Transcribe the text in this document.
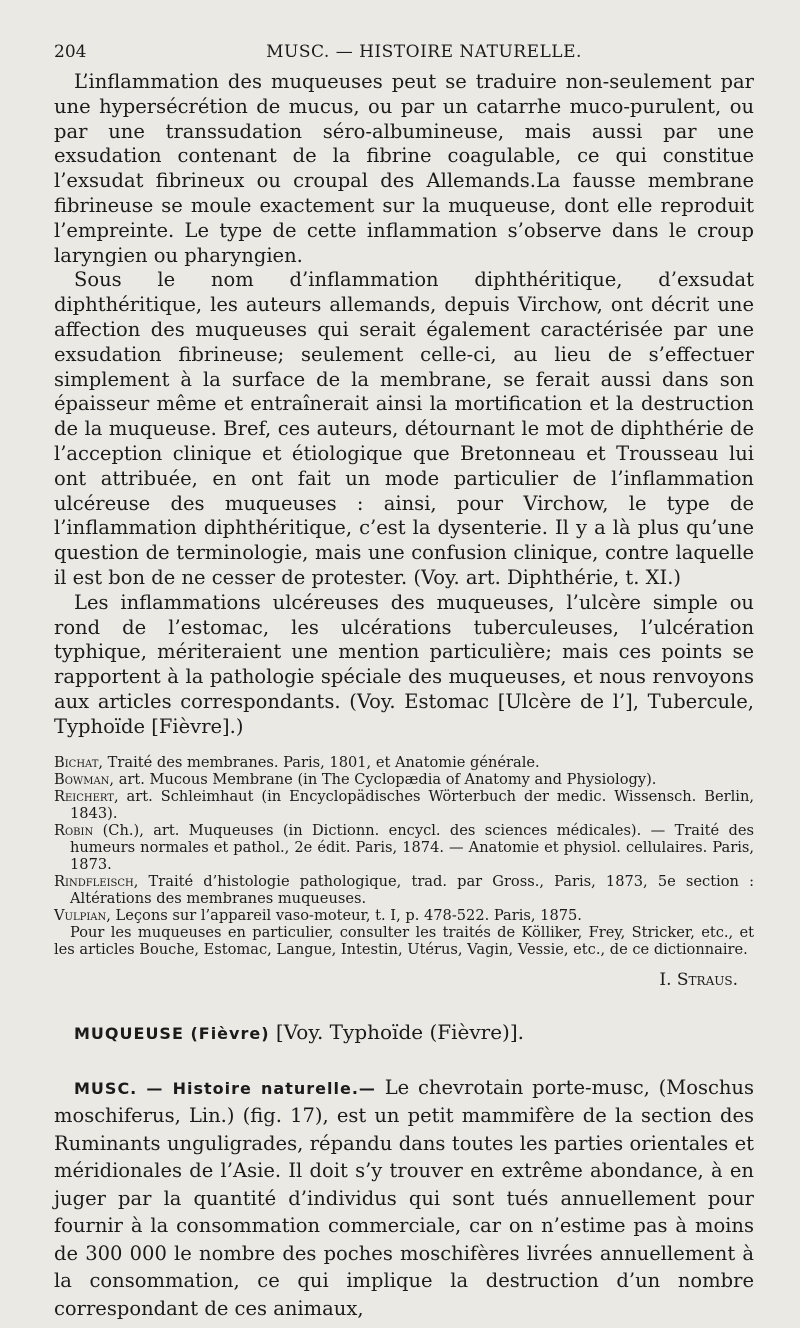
204	MUSC. — HISTOIRE NATURELLE.

L’inflammation des muqueuses peut se traduire non-seulement par une hypersécrétion de mucus, ou par un catarrhe muco-purulent, ou par une transsudation séro-albumineuse, mais aussi par une exsudation contenant de la fibrine coagulable, ce qui constitue l’exsudat fibrineux ou croupal des Allemands.La fausse membrane fibrineuse se moule exactement sur la muqueuse, dont elle reproduit l’empreinte. Le type de cette inflammation s’observe dans le croup laryngien ou pharyngien.

Sous le nom d’inflammation diphthéritique, d’exsudat diphthéritique, les auteurs allemands, depuis Virchow, ont décrit une affection des muqueuses qui serait également caractérisée par une exsudation fibrineuse; seulement celle-ci, au lieu de s’effectuer simplement à la surface de la membrane, se ferait aussi dans son épaisseur même et entraînerait ainsi la mortification et la destruction de la muqueuse. Bref, ces auteurs, détournant le mot de diphthérie de l’acception clinique et étiologique que Bretonneau et Trousseau lui ont attribuée, en ont fait un mode particulier de l’inflammation ulcéreuse des muqueuses : ainsi, pour Virchow, le type de l’inflammation diphthéritique, c’est la dysenterie. Il y a là plus qu’une question de terminologie, mais une confusion clinique, contre laquelle il est bon de ne cesser de protester. (Voy. art. Diphthérie, t. XI.)

Les inflammations ulcéreuses des muqueuses, l’ulcère simple ou rond de l’estomac, les ulcérations tuberculeuses, l’ulcération typhique, mériteraient une mention particulière; mais ces points se rapportent à la pathologie spéciale des muqueuses, et nous renvoyons aux articles correspondants. (Voy. Estomac [Ulcère de l’], Tubercule, Typhoïde [Fièvre].)

Bichat, Traité des membranes. Paris, 1801, et Anatomie générale.

Bowman, art. Mucous Membrane (in The Cyclopædia of Anatomy and Physiology).

Reichert, art. Schleimhaut (in Encyclopädisches Wörterbuch der medic. Wissensch. Berlin, 1843).

Robin (Ch.), art. Muqueuses (in Dictionn. encycl. des sciences médicales). — Traité des humeurs normales et pathol., 2e édit. Paris, 1874. — Anatomie et physiol. cellulaires. Paris, 1873.

Rindfleisch, Traité d’histologie pathologique, trad. par Gross., Paris, 1873, 5e section : Altérations des membranes muqueuses.

Vulpian, Leçons sur l’appareil vaso-moteur, t. I, p. 478-522. Paris, 1875.

Pour les muqueuses en particulier, consulter les traités de Kölliker, Frey, Stricker, etc., et les articles Bouche, Estomac, Langue, Intestin, Utérus, Vagin, Vessie, etc., de ce dictionnaire.

I. Straus.
MUQUEUSE (Fièvre) [Voy. Typhoïde (Fièvre)].

MUSC. — Histoire naturelle.— Le chevrotain porte-musc, (Moschus moschiferus, Lin.) (fig. 17), est un petit mammifère de la section des Ruminants unguligrades, répandu dans toutes les parties orientales et méridionales de l’Asie. Il doit s’y trouver en extrême abondance, à en juger par la quantité d’individus qui sont tués annuellement pour fournir à la consommation commerciale, car on n’estime pas à moins de 300 000 le nombre des poches moschifères livrées annuellement à la consommation, ce qui implique la destruction d’un nombre correspondant de ces animaux,
